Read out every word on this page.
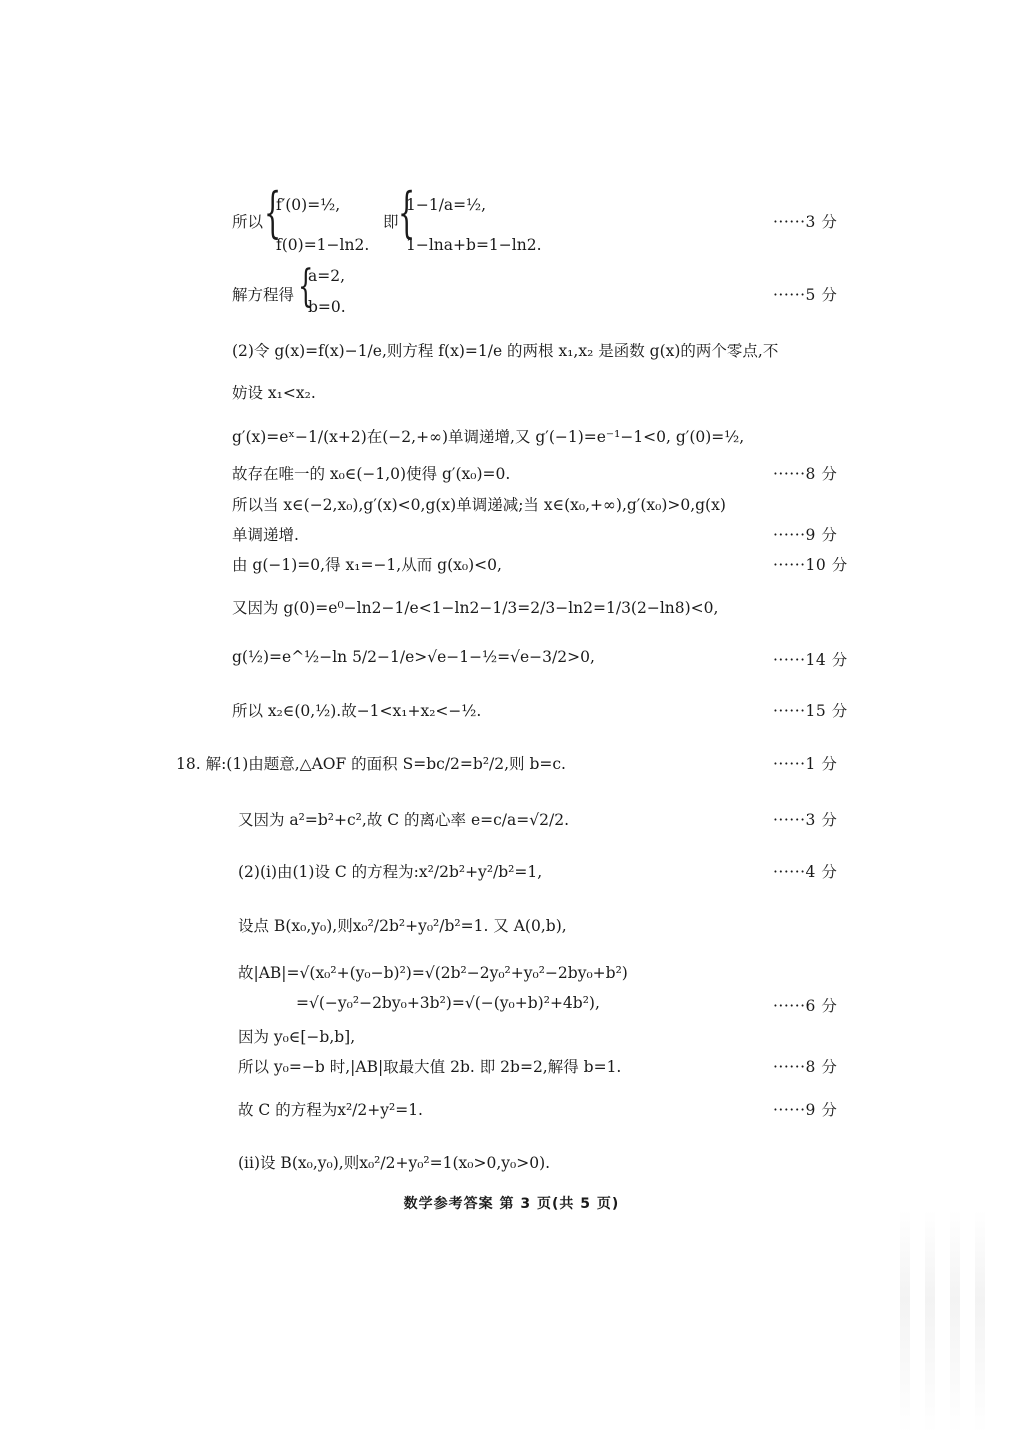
所以 {
f′(0)=½,
f(0)=1−ln2.
即 {
1−1/a=½,
1−lna+b=1−ln2.
······3 分
解方程得 {
a=2,
b=0.
······5 分
(2)令 g(x)=f(x)−1/e,则方程 f(x)=1/e 的两根 x₁,x₂ 是函数 g(x)的两个零点,不
妨设 x₁<x₂.
g′(x)=eˣ−1/(x+2)在(−2,+∞)单调递增,又 g′(−1)=e⁻¹−1<0, g′(0)=½,
故存在唯一的 x₀∈(−1,0)使得 g′(x₀)=0.	······8 分
所以当 x∈(−2,x₀),g′(x)<0,g(x)单调递减;当 x∈(x₀,+∞),g′(x₀)>0,g(x)
单调递增.	······9 分
由 g(−1)=0,得 x₁=−1,从而 g(x₀)<0,	······10 分
又因为 g(0)=e⁰−ln2−1/e<1−ln2−1/3=2/3−ln2=1/3(2−ln8)<0,
g(½)=e^½−ln 5/2−1/e>√e−1−½=√e−3/2>0,	······14 分
所以 x₂∈(0,½).故−1<x₁+x₂<−½.	······15 分
18. 解:(1)由题意,△AOF 的面积 S=bc/2=b²/2,则 b=c.	······1 分
又因为 a²=b²+c²,故 C 的离心率 e=c/a=√2/2.	······3 分
(2)(i)由(1)设 C 的方程为:x²/2b²+y²/b²=1,	······4 分
设点 B(x₀,y₀),则x₀²/2b²+y₀²/b²=1. 又 A(0,b),
故|AB|=√(x₀²+(y₀−b)²)=√(2b²−2y₀²+y₀²−2by₀+b²)
=√(−y₀²−2by₀+3b²)=√(−(y₀+b)²+4b²),	······6 分
因为 y₀∈[−b,b],
所以 y₀=−b 时,|AB|取最大值 2b. 即 2b=2,解得 b=1.	······8 分
故 C 的方程为x²/2+y²=1.	······9 分
(ii)设 B(x₀,y₀),则x₀²/2+y₀²=1(x₀>0,y₀>0).
数学参考答案 第 3 页(共 5 页)
